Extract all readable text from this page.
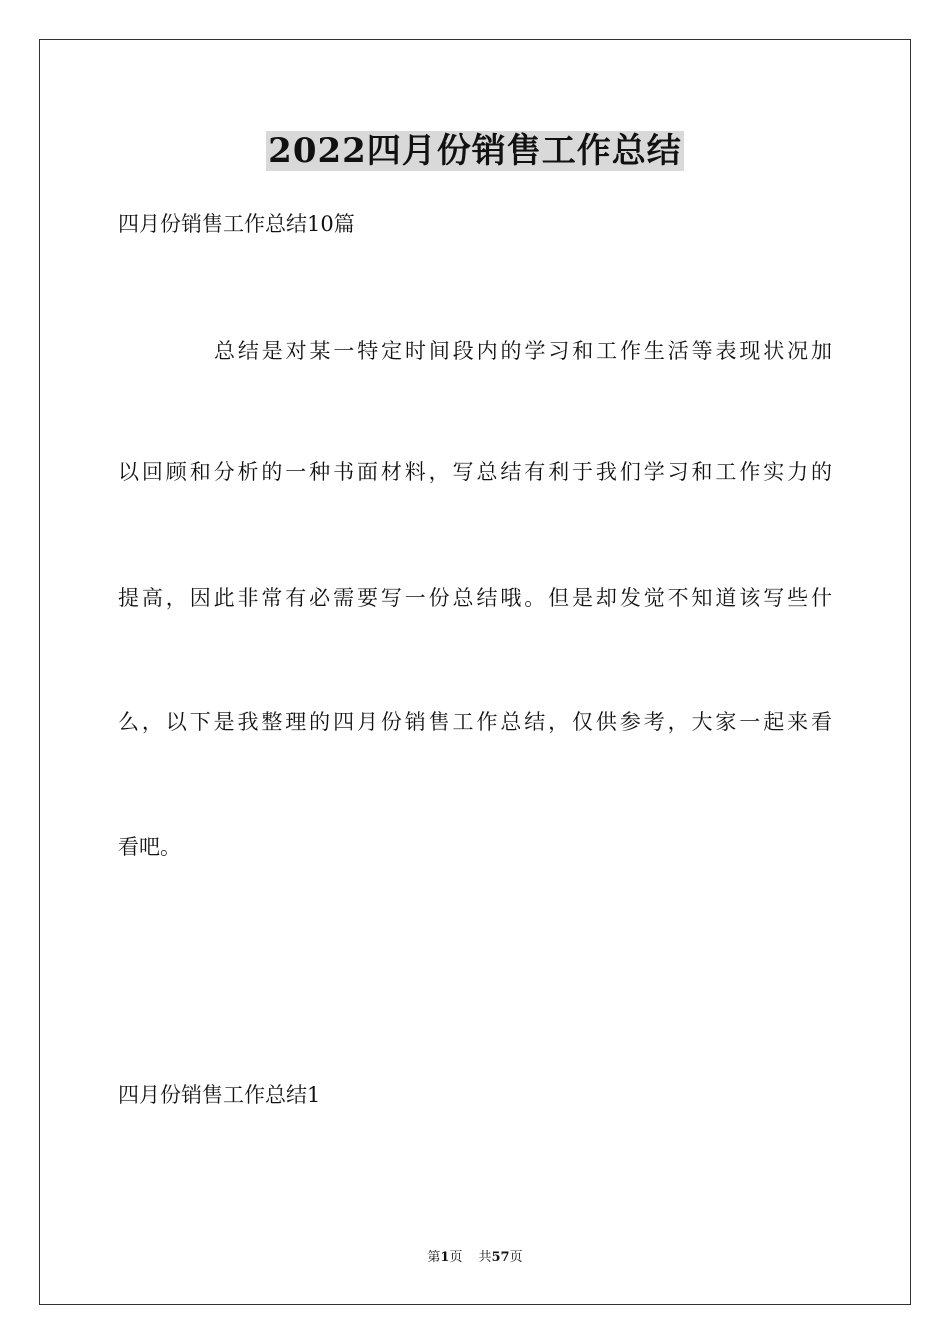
2022四月份销售工作总结
四月份销售工作总结10篇
总结是对某一特定时间段内的学习和工作生活等表现状况加
以回顾和分析的一种书面材料，写总结有利于我们学习和工作实力的
提高，因此非常有必需要写一份总结哦。但是却发觉不知道该写些什
么，以下是我整理的四月份销售工作总结，仅供参考，大家一起来看
看吧。
四月份销售工作总结1
第1页 共57页
